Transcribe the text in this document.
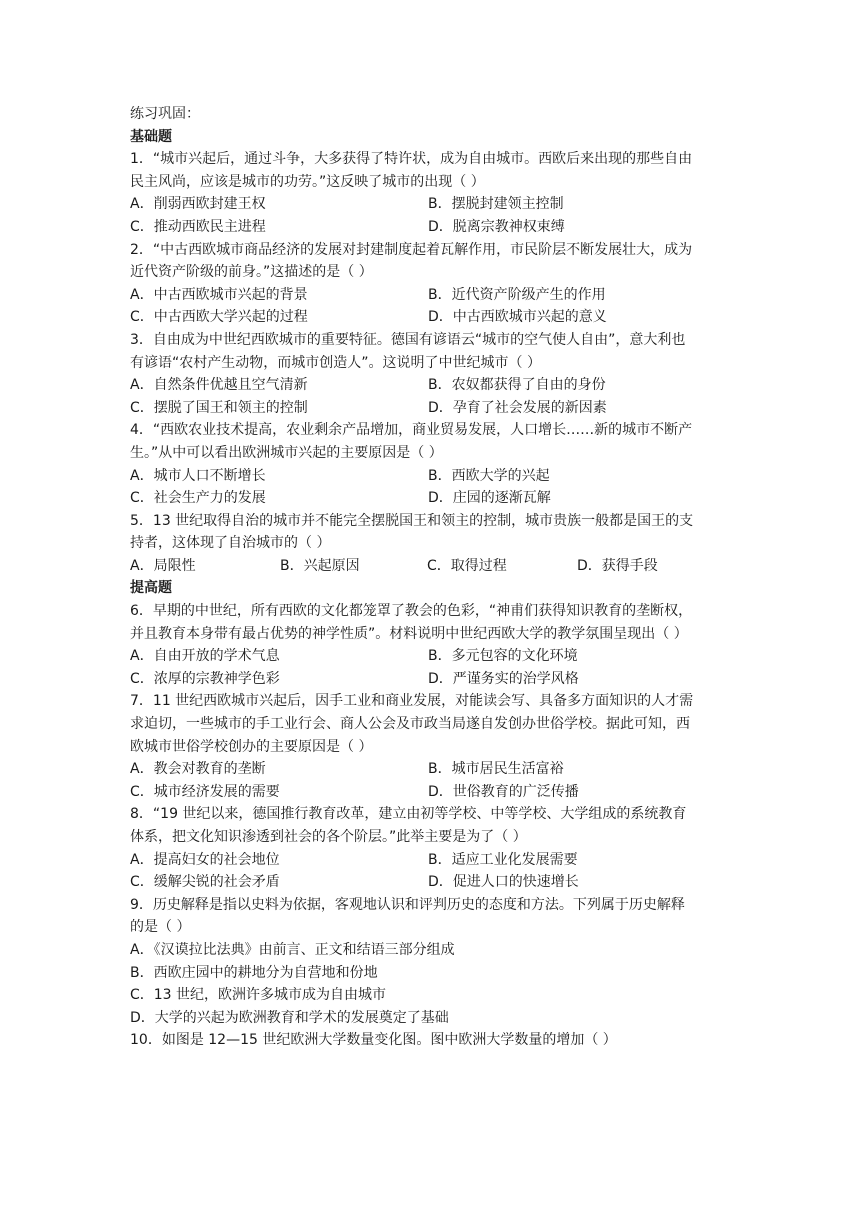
练习巩固：
基础题
1．“城市兴起后，通过斗争，大多获得了特许状，成为自由城市。西欧后来出现的那些自由
民主风尚，应该是城市的功劳。”这反映了城市的出现（ ）
A．削弱西欧封建王权	B．摆脱封建领主控制
C．推动西欧民主进程	D．脱离宗教神权束缚
2．“中古西欧城市商品经济的发展对封建制度起着瓦解作用，市民阶层不断发展壮大，成为
近代资产阶级的前身。”这描述的是（ ）
A．中古西欧城市兴起的背景	B．近代资产阶级产生的作用
C．中古西欧大学兴起的过程	D．中古西欧城市兴起的意义
3．自由成为中世纪西欧城市的重要特征。德国有谚语云“城市的空气使人自由”，意大利也
有谚语“农村产生动物，而城市创造人”。这说明了中世纪城市（ ）
A．自然条件优越且空气清新	B．农奴都获得了自由的身份
C．摆脱了国王和领主的控制	D．孕育了社会发展的新因素
4．“西欧农业技术提高，农业剩余产品增加，商业贸易发展，人口增长……新的城市不断产
生。”从中可以看出欧洲城市兴起的主要原因是（ ）
A．城市人口不断增长	B．西欧大学的兴起
C．社会生产力的发展	D．庄园的逐渐瓦解
5．13 世纪取得自治的城市并不能完全摆脱国王和领主的控制，城市贵族一般都是国王的支
持者，这体现了自治城市的（ ）
A．局限性	B．兴起原因	C．取得过程	D．获得手段
提高题
6．早期的中世纪，所有西欧的文化都笼罩了教会的色彩，“神甫们获得知识教育的垄断权，
并且教育本身带有最占优势的神学性质”。材料说明中世纪西欧大学的教学氛围呈现出（ ）
A．自由开放的学术气息	B．多元包容的文化环境
C．浓厚的宗教神学色彩	D．严谨务实的治学风格
7．11 世纪西欧城市兴起后，因手工业和商业发展，对能读会写、具备多方面知识的人才需
求迫切，一些城市的手工业行会、商人公会及市政当局遂自发创办世俗学校。据此可知，西
欧城市世俗学校创办的主要原因是（ ）
A．教会对教育的垄断	B．城市居民生活富裕
C．城市经济发展的需要	D．世俗教育的广泛传播
8．“19 世纪以来，德国推行教育改革，建立由初等学校、中等学校、大学组成的系统教育
体系，把文化知识渗透到社会的各个阶层。”此举主要是为了（ ）
A．提高妇女的社会地位	B．适应工业化发展需要
C．缓解尖锐的社会矛盾	D．促进人口的快速增长
9．历史解释是指以史料为依据，客观地认识和评判历史的态度和方法。下列属于历史解释
的是（ ）
A．《汉谟拉比法典》由前言、正文和结语三部分组成
B．西欧庄园中的耕地分为自营地和份地
C．13 世纪，欧洲许多城市成为自由城市
D．大学的兴起为欧洲教育和学术的发展奠定了基础
10．如图是 12—15 世纪欧洲大学数量变化图。图中欧洲大学数量的增加（ ）
